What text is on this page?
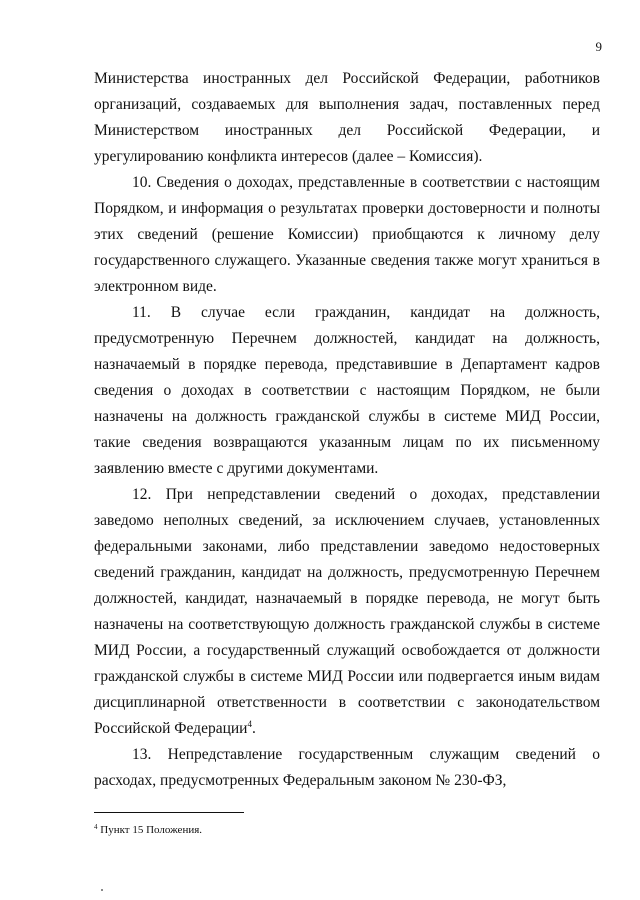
9

Министерства иностранных дел Российской Федерации, работников организаций, создаваемых для выполнения задач, поставленных перед Министерством иностранных дел Российской Федерации, и урегулированию конфликта интересов (далее – Комиссия).

10. Сведения о доходах, представленные в соответствии с настоящим Порядком, и информация о результатах проверки достоверности и полноты этих сведений (решение Комиссии) приобщаются к личному делу государственного служащего. Указанные сведения также могут храниться в электронном виде.

11. В случае если гражданин, кандидат на должность, предусмотренную Перечнем должностей, кандидат на должность, назначаемый в порядке перевода, представившие в Департамент кадров сведения о доходах в соответствии с настоящим Порядком, не были назначены на должность гражданской службы в системе МИД России, такие сведения возвращаются указанным лицам по их письменному заявлению вместе с другими документами.

12. При непредставлении сведений о доходах, представлении заведомо неполных сведений, за исключением случаев, установленных федеральными законами, либо представлении заведомо недостоверных сведений гражданин, кандидат на должность, предусмотренную Перечнем должностей, кандидат, назначаемый в порядке перевода, не могут быть назначены на соответствующую должность гражданской службы в системе МИД России, а государственный служащий освобождается от должности гражданской службы в системе МИД России или подвергается иным видам дисциплинарной ответственности в соответствии с законодательством Российской Федерации$^4$.

13. Непредставление государственным служащим сведений о расходах, предусмотренных Федеральным законом № 230-ФЗ,

$^4$ Пункт 15 Положения.
